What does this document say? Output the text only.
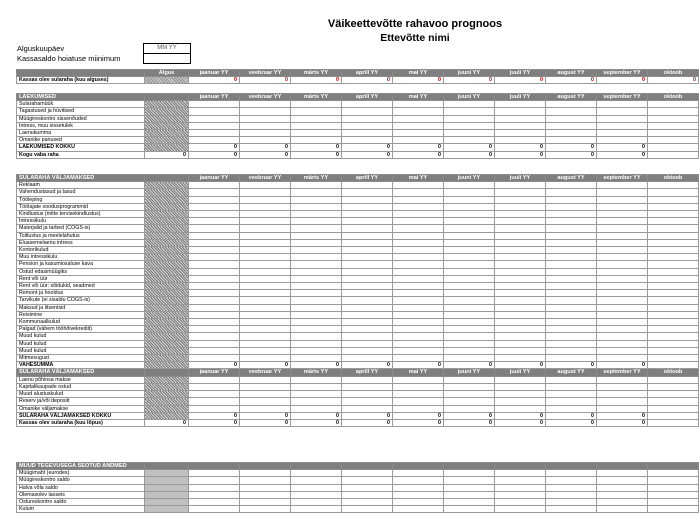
Väikeettevõtte rahavoo prognoos
Ettevõtte nimi
Alguskuupäev	MM YY
Kassasaldo hoiatuse miinimum
	Algus	jaanuar YY	veebruar YY	märts YY	aprill YY	mai YY	juuni YY	juuli YY	august YY	september YY	oktoob
Kassas olev sularaha (kuu alguses)		0	0	0	0	0	0	0	0	0	0
LAEKUMISED		jaanuar YY	veebruar YY	märts YY	aprill YY	mai YY	juuni YY	juuli YY	august YY	september YY	oktoob
Sularahamüük											
Tagastused ja hüvitised											
Müügireskontro sissenõuded											
Intress, muu sissetulek											
Laenukumma											
Omanike panused											
LAEKUMISED KOKKU		0	0	0	0	0	0	0	0	0	
Kogu vaba raha	0	0	0	0	0	0	0	0	0	0	
SULARAHA VÄLJAMAKSED		jaanuar YY	veebruar YY	märts YY	aprill YY	mai YY	juuni YY	juuli YY	august YY	september YY	oktoob
Reklaam											
Vahendustasud ja tasud											
Tööleping											
Töötajate soodusprogrammid											
Kindlustus (mitte tervisekindlustus)											
Intressikulu											
Materjalid ja tarbed (COGS-is)											
Toitlustus ja meelelahutus											
Eluasemelaenu intress											
Kontorikulud											
Muu intressikulu											
Pension ja kasumiosaluse kava											
Ostud edasimüügiks											
Rent või üür											
Rent või üür: sõidukid, seadmed											
Remont ja hooldus											
Tarvikute (ei sisaldu COGS-is)											
Maksud ja litsentsid											
Reisimine											
Kommunaalkulud											
Palgad (vähem tööhõivekrediit)											
Muud kulud											
Muud kulud											
Muud kulud											
Mitmesugust											
VAHESUMMA		0	0	0	0	0	0	0	0	0	
SULARAHA VÄLJAMAKSED		jaanuar YY	veebruar YY	märts YY	aprill YY	mai YY	juuni YY	juuli YY	august YY	september YY	oktoob
Laenu põhiosa makse											
Kapitalikaupade ostud											
Muud alustuskulud											
Reserv ja/või deposiit											
Omanike väljamakse											
SULARAHA VÄLJAMAKSED KOKKU		0	0	0	0	0	0	0	0	0	
Kassas olev sularaha (kuu lõpus)	0	0	0	0	0	0	0	0	0	0	
MUUD TEGEVUSEGA SEOTUD ANDMED											
Müügimaht (eurodes)											
Müügireskontro saldo											
Halva võla saldo											
Olemasolev laoseis											
Ostureskontro saldo											
Kulum											
